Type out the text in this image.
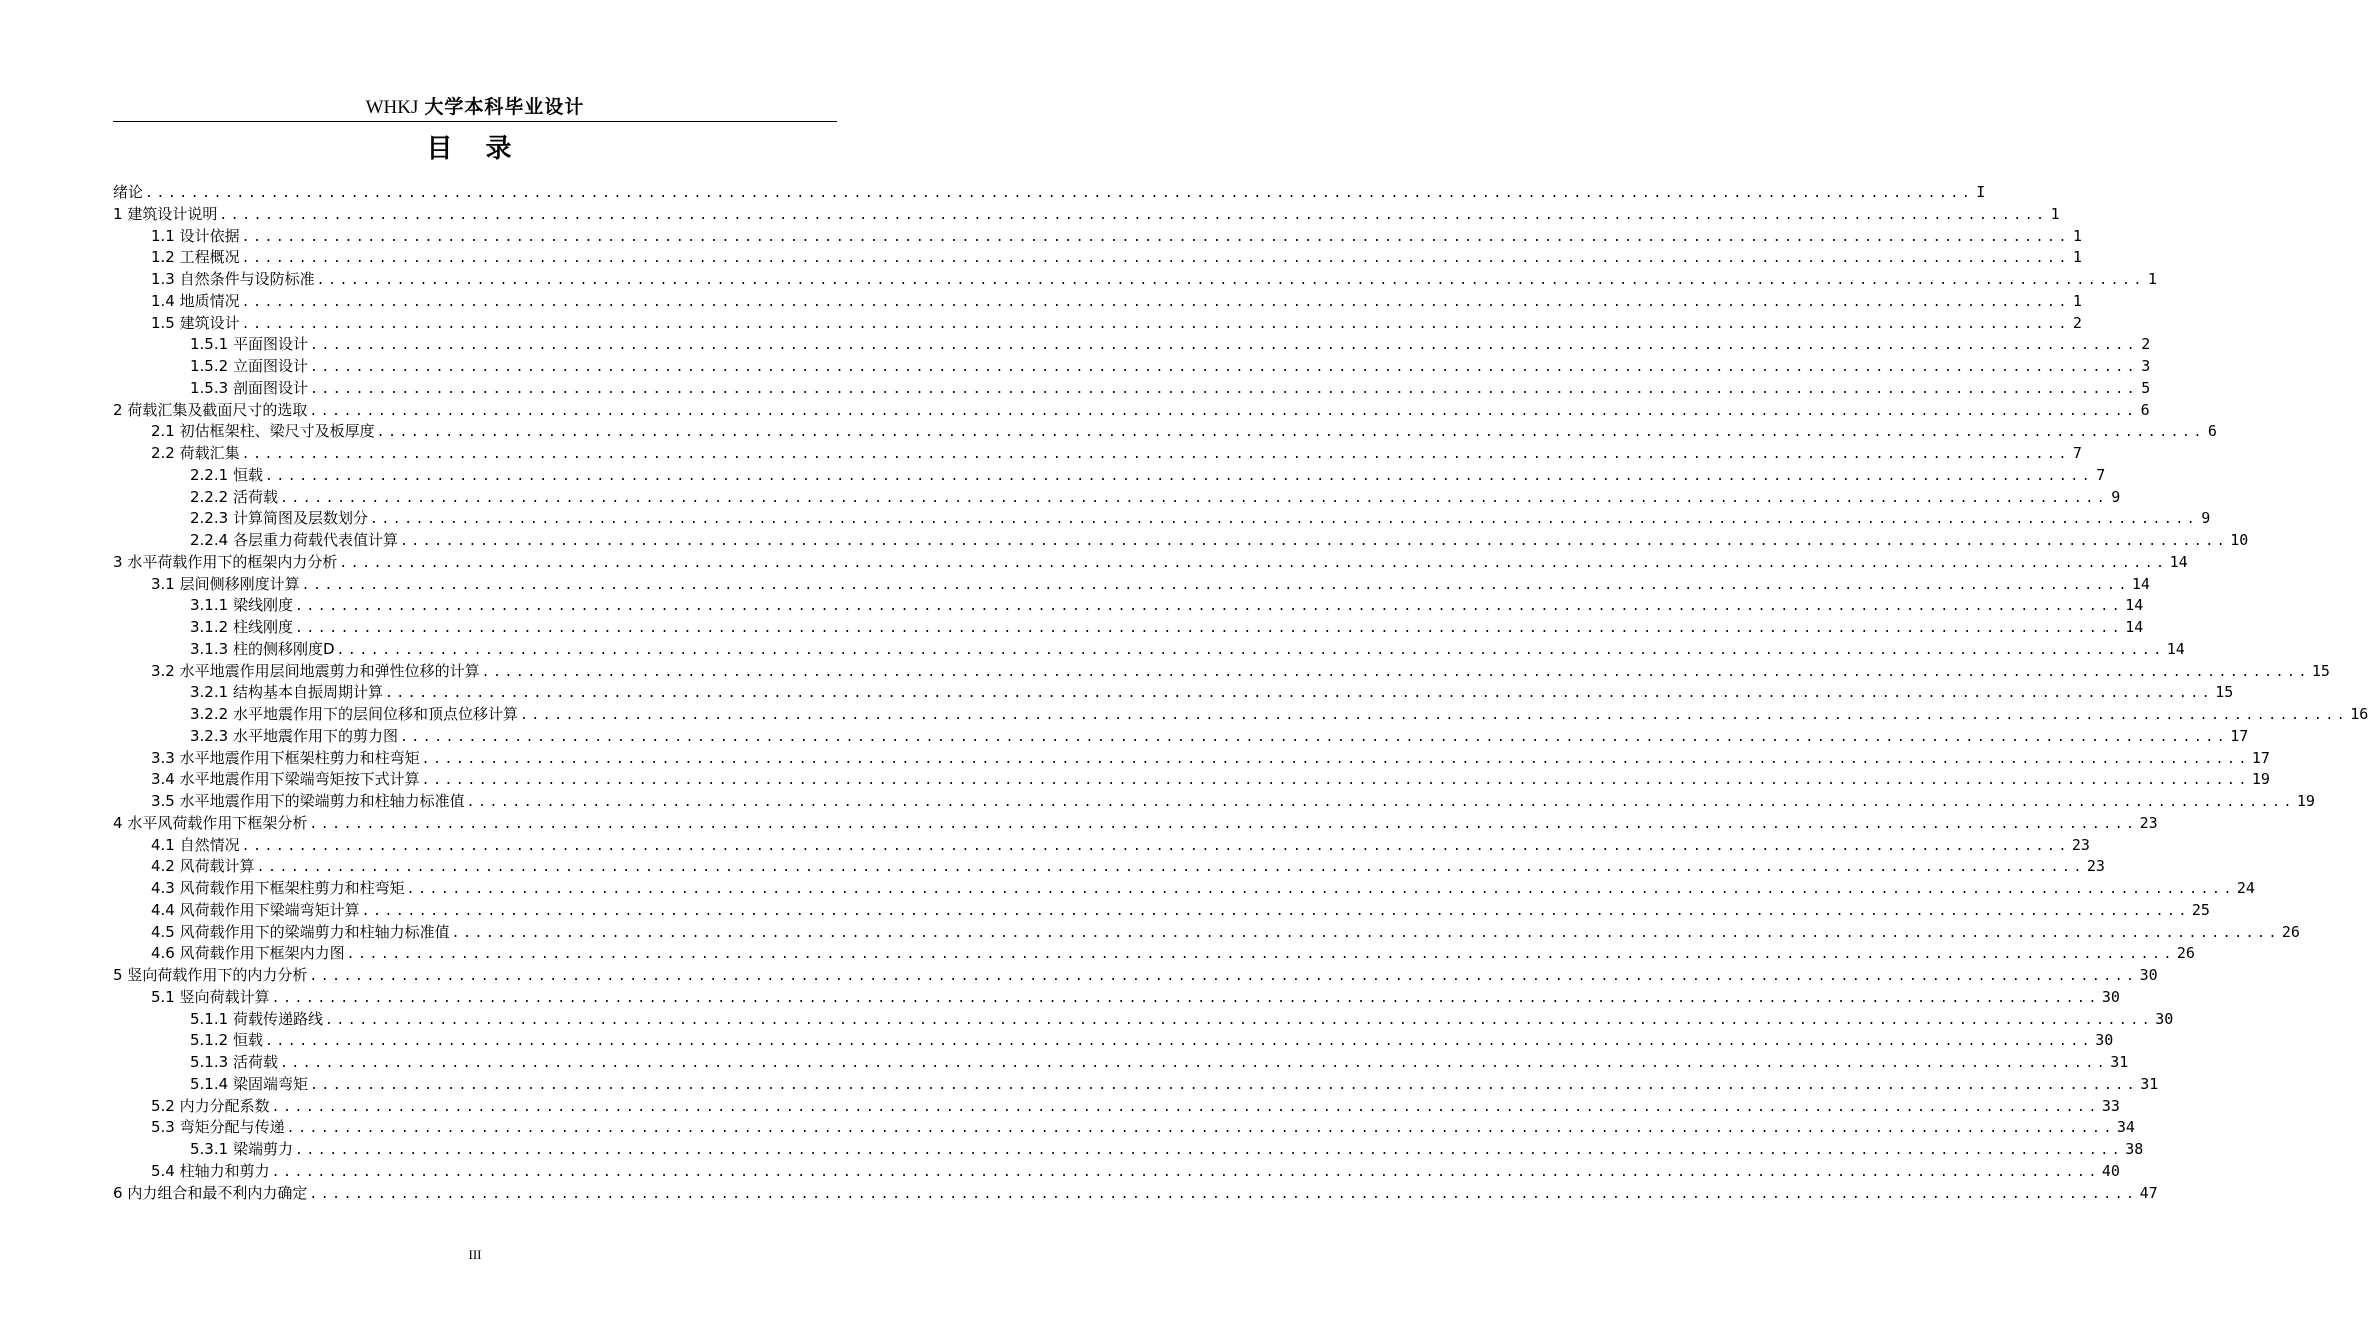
WHKJ 大学本科毕业设计
目 录
绪论 .....	I
1 建筑设计说明 .....	1
1.1 设计依据 .....	1
1.2 工程概况 .....	1
1.3 自然条件与设防标准 .....	1
1.4 地质情况 .....	1
1.5 建筑设计 .....	2
1.5.1 平面图设计 .....	2
1.5.2 立面图设计 .....	3
1.5.3 剖面图设计 .....	5
2 荷载汇集及截面尺寸的选取 .....	6
2.1 初估框架柱、梁尺寸及板厚度 .....	6
2.2 荷载汇集 .....	7
2.2.1 恒载 .....	7
2.2.2 活荷载 .....	9
2.2.3 计算简图及层数划分 .....	9
2.2.4 各层重力荷载代表值计算 .....	10
3 水平荷载作用下的框架内力分析 .....	14
3.1 层间侧移刚度计算 .....	14
3.1.1 梁线刚度 .....	14
3.1.2 柱线刚度 .....	14
3.1.3 柱的侧移刚度D .....	14
3.2 水平地震作用层间地震剪力和弹性位移的计算 .....	15
3.2.1 结构基本自振周期计算 .....	15
3.2.2 水平地震作用下的层间位移和顶点位移计算 .....	16
3.2.3 水平地震作用下的剪力图 .....	17
3.3 水平地震作用下框架柱剪力和柱弯矩 .....	17
3.4 水平地震作用下梁端弯矩按下式计算 .....	19
3.5 水平地震作用下的梁端剪力和柱轴力标准值 .....	19
4 水平风荷载作用下框架分析 .....	23
4.1 自然情况 .....	23
4.2 风荷载计算 .....	23
4.3 风荷载作用下框架柱剪力和柱弯矩 .....	24
4.4 风荷载作用下梁端弯矩计算 .....	25
4.5 风荷载作用下的梁端剪力和柱轴力标准值 .....	26
4.6 风荷载作用下框架内力图 .....	26
5 竖向荷载作用下的内力分析 .....	30
5.1 竖向荷载计算 .....	30
5.1.1 荷载传递路线 .....	30
5.1.2 恒载 .....	30
5.1.3 活荷载 .....	31
5.1.4 梁固端弯矩 .....	31
5.2 内力分配系数 .....	33
5.3 弯矩分配与传递 .....	34
5.3.1 梁端剪力 .....	38
5.4 柱轴力和剪力 .....	40
6 内力组合和最不利内力确定 .....	47
III
